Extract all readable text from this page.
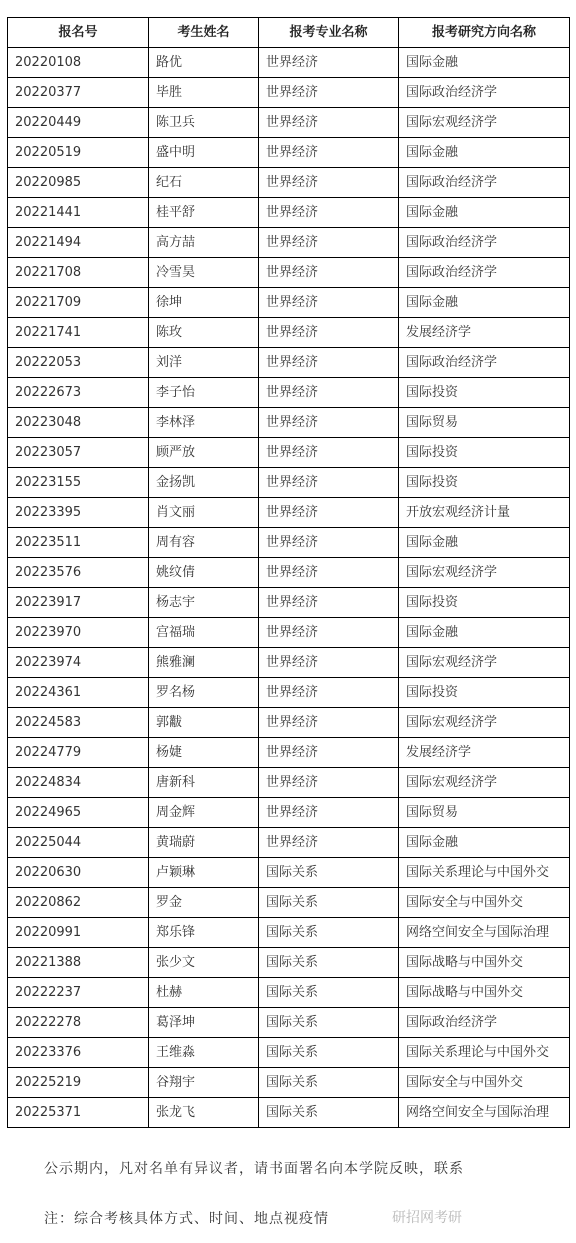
报名号	考生姓名	报考专业名称	报考研究方向名称
20220108	路优	世界经济	国际金融
20220377	毕胜	世界经济	国际政治经济学
20220449	陈卫兵	世界经济	国际宏观经济学
20220519	盛中明	世界经济	国际金融
20220985	纪石	世界经济	国际政治经济学
20221441	桂平舒	世界经济	国际金融
20221494	高方喆	世界经济	国际政治经济学
20221708	冷雪昊	世界经济	国际政治经济学
20221709	徐坤	世界经济	国际金融
20221741	陈玫	世界经济	发展经济学
20222053	刘洋	世界经济	国际政治经济学
20222673	李子怡	世界经济	国际投资
20223048	李林泽	世界经济	国际贸易
20223057	顾严放	世界经济	国际投资
20223155	金扬凯	世界经济	国际投资
20223395	肖文丽	世界经济	开放宏观经济计量
20223511	周有容	世界经济	国际金融
20223576	姚纹倩	世界经济	国际宏观经济学
20223917	杨志宇	世界经济	国际投资
20223970	宫福瑞	世界经济	国际金融
20223974	熊雅澜	世界经济	国际宏观经济学
20224361	罗名杨	世界经济	国际投资
20224583	郭黻	世界经济	国际宏观经济学
20224779	杨婕	世界经济	发展经济学
20224834	唐新科	世界经济	国际宏观经济学
20224965	周金辉	世界经济	国际贸易
20225044	黄瑞蔚	世界经济	国际金融
20220630	卢颖琳	国际关系	国际关系理论与中国外交
20220862	罗金	国际关系	国际安全与中国外交
20220991	郑乐锋	国际关系	网络空间安全与国际治理
20221388	张少文	国际关系	国际战略与中国外交
20222237	杜赫	国际关系	国际战略与中国外交
20222278	葛泽坤	国际关系	国际政治经济学
20223376	王维淼	国际关系	国际关系理论与中国外交
20225219	谷翔宇	国际关系	国际安全与中国外交
20225371	张龙飞	国际关系	网络空间安全与国际治理
公示期内，凡对名单有异议者，请书面署名向本学院反映，联系
注：综合考核具体方式、时间、地点视疫情	研招网考研
